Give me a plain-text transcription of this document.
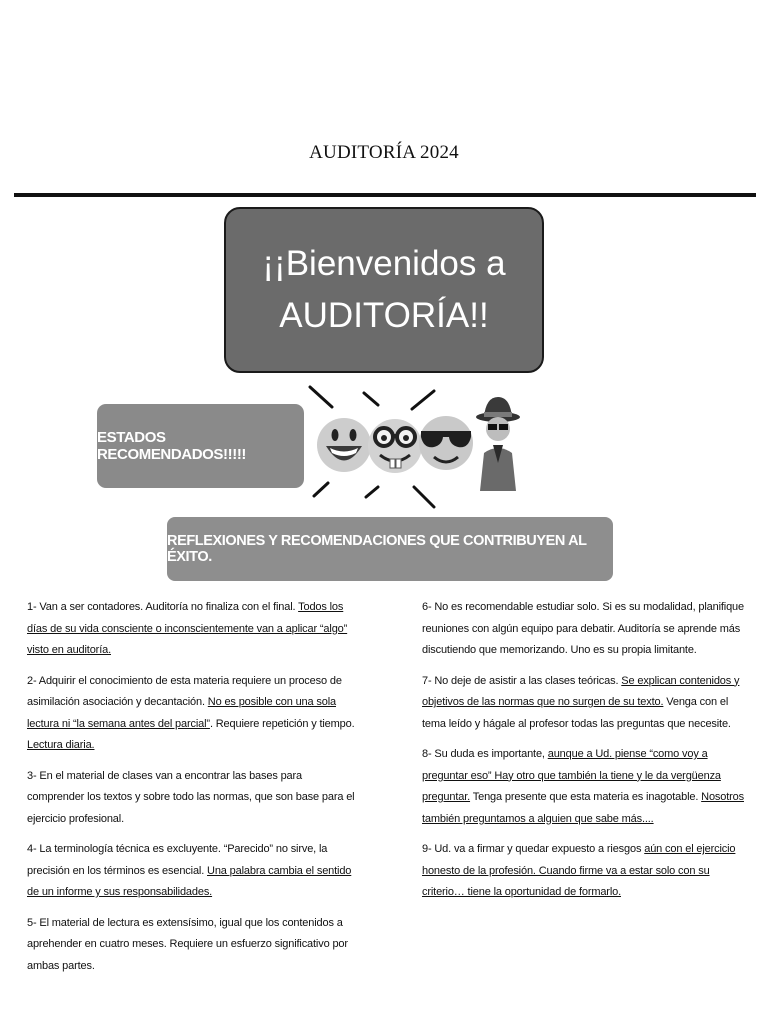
AUDITORÍA 2024
¡¡Bienvenidos a
AUDITORÍA!!
ESTADOS RECOMENDADOS!!!!!
REFLEXIONES Y RECOMENDACIONES QUE CONTRIBUYEN AL ÉXITO.

1- Van a ser contadores. Auditoría no finaliza con el final. Todos los días de su vida consciente o inconscientemente van a aplicar “algo” visto en auditoría.

2- Adquirir el conocimiento de esta materia requiere un proceso de asimilación asociación y decantación. No es posible con una sola lectura ni “la semana antes del parcial”. Requiere repetición y tiempo. Lectura diaria.

3- En el material de clases van a encontrar las bases para comprender los textos y sobre todo las normas, que son base para el ejercicio profesional.

4- La terminología técnica es excluyente. “Parecido” no sirve, la precisión en los términos es esencial. Una palabra cambia el sentido de un informe y sus responsabilidades.

5- El material de lectura es extensísimo, igual que los contenidos a aprehender en cuatro meses. Requiere un esfuerzo significativo por ambas partes.

6- No es recomendable estudiar solo. Si es su modalidad, planifique reuniones con algún equipo para debatir. Auditoría se aprende más discutiendo que memorizando. Uno es su propia limitante.

7- No deje de asistir a las clases teóricas. Se explican contenidos y objetivos de las normas que no surgen de su texto. Venga con el tema leído y hágale al profesor todas las preguntas que necesite.

8- Su duda es importante, aunque a Ud. piense “como voy a preguntar eso” Hay otro que también la tiene y le da vergüenza preguntar. Tenga presente que esta materia es inagotable. Nosotros también preguntamos a alguien que sabe más....

9- Ud. va a firmar y quedar expuesto a riesgos aún con el ejercicio honesto de la profesión. Cuando firme va a estar solo con su criterio… tiene la oportunidad de formarlo.
